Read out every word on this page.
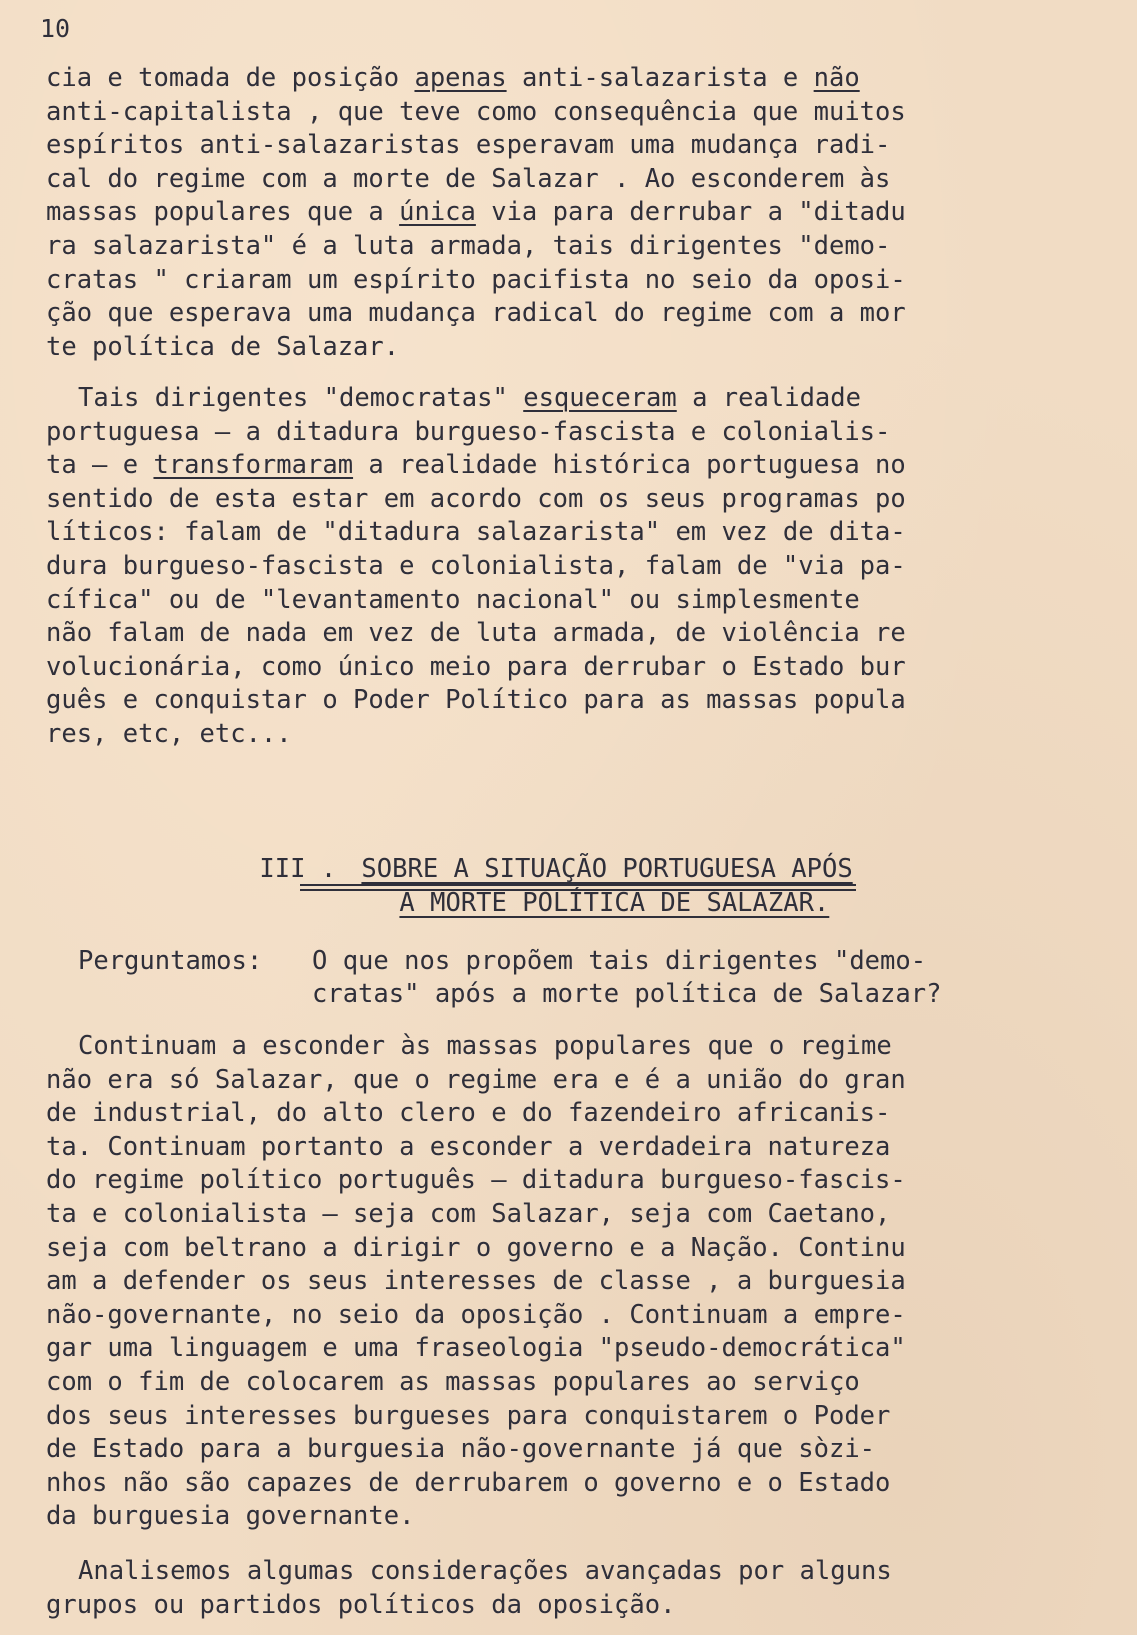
10
cia e tomada de posição apenas anti-salazarista e não
anti-capitalista , que teve como consequência que muitos
espíritos anti-salazaristas esperavam uma mudança radi-
cal do regime com a morte de Salazar . Ao esconderem às
massas populares que a única via para derrubar a "ditadu
ra salazarista" é a luta armada, tais dirigentes "demo-
cratas " criaram um espírito pacifista no seio da oposi-
ção que esperava uma mudança radical do regime com a mor
te política de Salazar.
Tais dirigentes "democratas" esqueceram a realidade
portuguesa — a ditadura burgueso-fascista e colonialis-
ta — e transformaram a realidade histórica portuguesa no
sentido de esta estar em acordo com os seus programas po
líticos: falam de "ditadura salazarista" em vez de dita-
dura burgueso-fascista e colonialista, falam de "via pa-
cífica" ou de "levantamento nacional" ou simplesmente
não falam de nada em vez de luta armada, de violência re
volucionária, como único meio para derrubar o Estado bur
guês e conquistar o Poder Político para as massas popula
res, etc, etc...

III .

SOBRE A SITUAÇÃO PORTUGUESA APÓS

A MORTE POLÍTICA DE SALAZAR.

Perguntamos: O que nos propõem tais dirigentes "demo-
cratas" após a morte política de Salazar?
Continuam a esconder às massas populares que o regime
não era só Salazar, que o regime era e é a união do gran
de industrial, do alto clero e do fazendeiro africanis-
ta. Continuam portanto a esconder a verdadeira natureza
do regime político português — ditadura burgueso-fascis-
ta e colonialista — seja com Salazar, seja com Caetano,
seja com beltrano a dirigir o governo e a Nação. Continu
am a defender os seus interesses de classe , a burguesia
não-governante, no seio da oposição . Continuam a empre-
gar uma linguagem e uma fraseologia "pseudo-democrática"
com o fim de colocarem as massas populares ao serviço
dos seus interesses burgueses para conquistarem o Poder
de Estado para a burguesia não-governante já que sòzi-
nhos não são capazes de derrubarem o governo e o Estado
da burguesia governante.
Analisemos algumas considerações avançadas por alguns
grupos ou partidos políticos da oposição.
